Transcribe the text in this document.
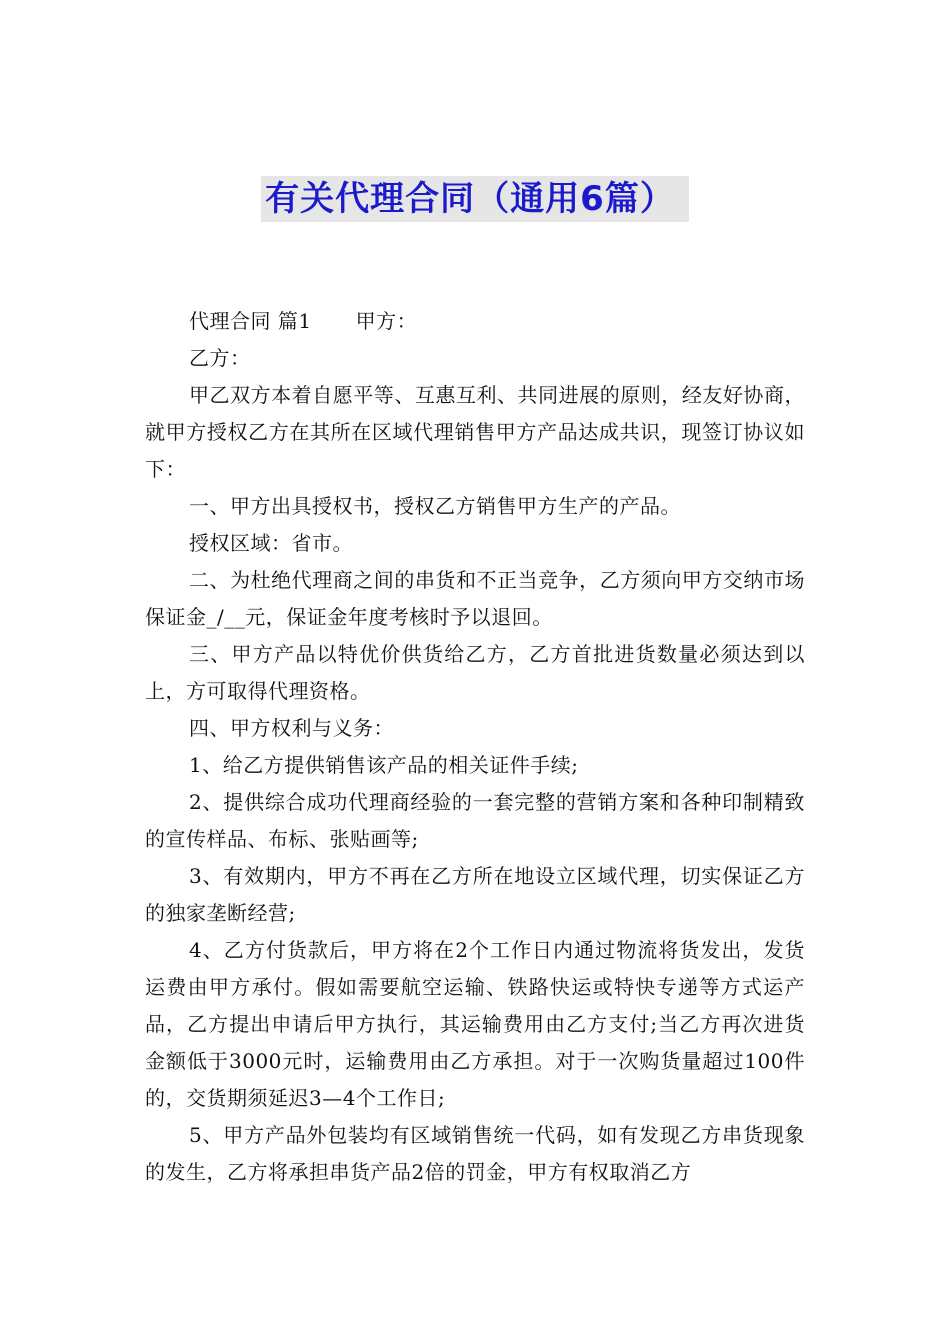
有关代理合同（通用6篇）

代理合同 篇1 甲方：

乙方：

甲乙双方本着自愿平等、互惠互利、共同进展的原则，经友好协商，就甲方授权乙方在其所在区域代理销售甲方产品达成共识，现签订协议如下：

一、甲方出具授权书，授权乙方销售甲方生产的产品。

授权区域：省市。

二、为杜绝代理商之间的串货和不正当竞争，乙方须向甲方交纳市场保证金_/__元，保证金年度考核时予以退回。

三、甲方产品以特优价供货给乙方，乙方首批进货数量必须达到以上，方可取得代理资格。

四、甲方权利与义务：

1、给乙方提供销售该产品的相关证件手续;

2、提供综合成功代理商经验的一套完整的营销方案和各种印制精致的宣传样品、布标、张贴画等;

3、有效期内，甲方不再在乙方所在地设立区域代理，切实保证乙方的独家垄断经营;

4、乙方付货款后，甲方将在2个工作日内通过物流将货发出，发货运费由甲方承付。假如需要航空运输、铁路快运或特快专递等方式运产品，乙方提出申请后甲方执行，其运输费用由乙方支付;当乙方再次进货金额低于3000元时，运输费用由乙方承担。对于一次购货量超过100件的，交货期须延迟3—4个工作日;

5、甲方产品外包装均有区域销售统一代码，如有发现乙方串货现象的发生，乙方将承担串货产品2倍的罚金，甲方有权取消乙方
